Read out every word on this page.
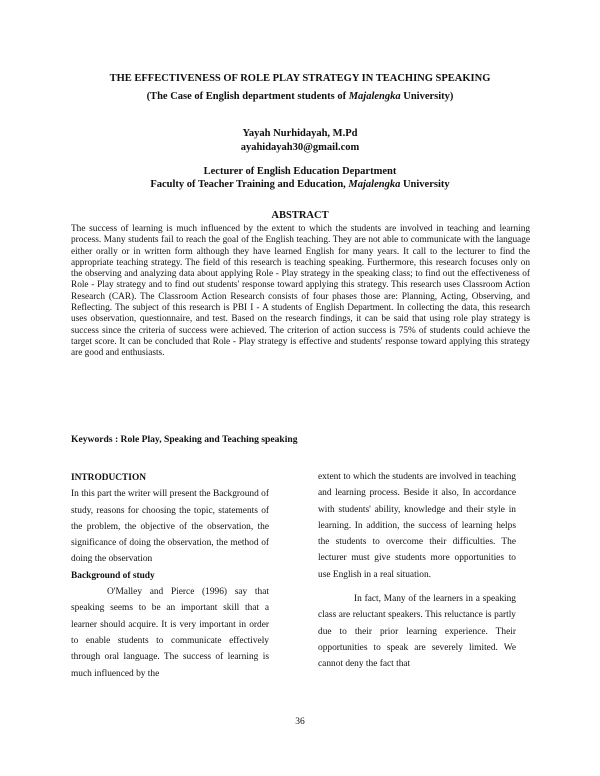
THE EFFECTIVENESS OF ROLE PLAY STRATEGY IN TEACHING SPEAKING
(The Case of English department students of Majalengka University)
Yayah Nurhidayah, M.Pd
ayahidayah30@gmail.com
Lecturer of English Education Department
Faculty of Teacher Training and Education, Majalengka University
ABSTRACT
The success of learning is much influenced by the extent to which the students are involved in teaching and learning process. Many students fail to reach the goal of the English teaching. They are not able to communicate with the language either orally or in written form although they have learned English for many years. It call to the lecturer to find the appropriate teaching strategy. The field of this research is teaching speaking. Furthermore, this research focuses only on the observing and analyzing data about applying Role - Play strategy in the speaking class; to find out the effectiveness of Role - Play strategy and to find out students' response toward applying this strategy. This research uses Classroom Action Research (CAR). The Classroom Action Research consists of four phases those are: Planning, Acting, Observing, and Reflecting. The subject of this research is PBI I - A students of English Department. In collecting the data, this research uses observation, questionnaire, and test. Based on the research findings, it can be said that using role play strategy is success since the criteria of success were achieved. The criterion of action success is 75% of students could achieve the target score. It can be concluded that Role - Play strategy is effective and students' response toward applying this strategy are good and enthusiasts.
Keywords : Role Play, Speaking and Teaching speaking

INTRODUCTION

In this part the writer will present the Background of study, reasons for choosing the topic, statements of the problem, the objective of the observation, the significance of doing the observation, the method of doing the observation

Background of study

O'Malley and Pierce (1996) say that speaking seems to be an important skill that a learner should acquire. It is very important in order to enable students to communicate effectively through oral language. The success of learning is much influenced by the

extent to which the students are involved in teaching and learning process. Beside it also, In accordance with students' ability, knowledge and their style in learning. In addition, the success of learning helps the students to overcome their difficulties. The lecturer must give students more opportunities to use English in a real situation.

In fact, Many of the learners in a speaking class are reluctant speakers. This reluctance is partly due to their prior learning experience. Their opportunities to speak are severely limited. We cannot deny the fact that

36
